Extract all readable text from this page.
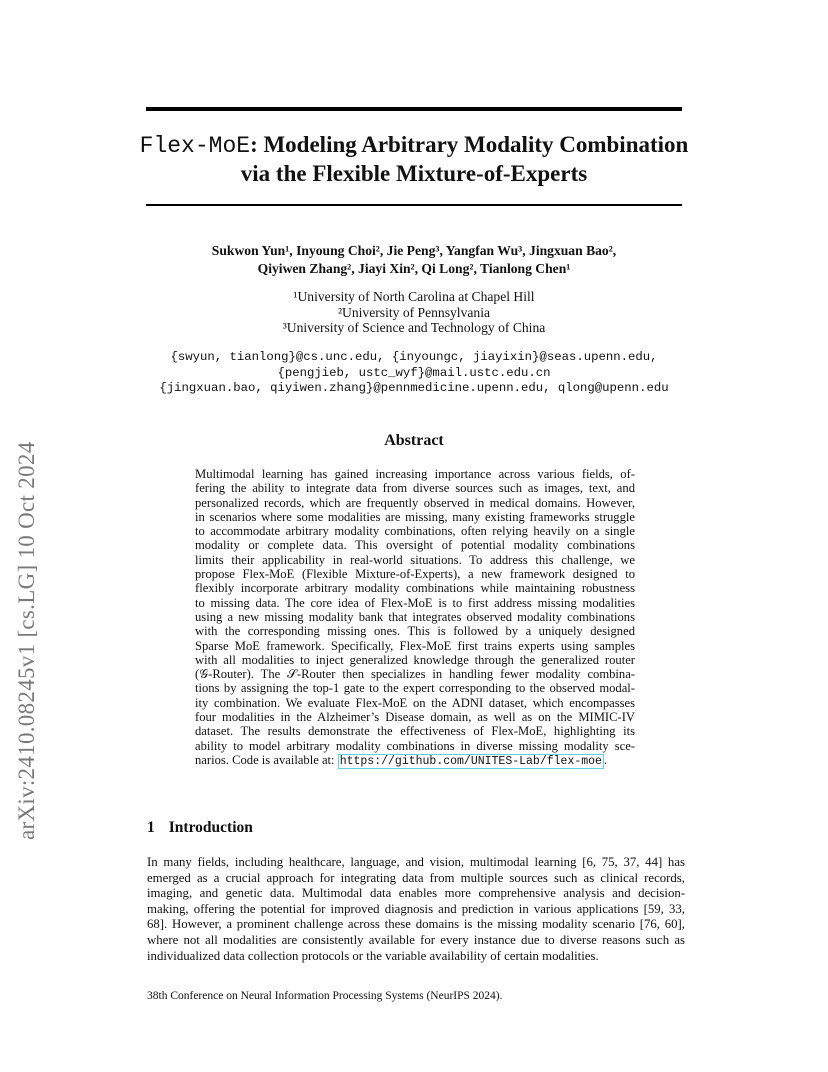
arXiv:2410.08245v1 [cs.LG] 10 Oct 2024
Flex-MoE: Modeling Arbitrary Modality Combination
via the Flexible Mixture-of-Experts
Sukwon Yun¹, Inyoung Choi², Jie Peng³, Yangfan Wu³, Jingxuan Bao²,
Qiyiwen Zhang², Jiayi Xin², Qi Long², Tianlong Chen¹
¹University of North Carolina at Chapel Hill
²University of Pennsylvania
³University of Science and Technology of China
{swyun, tianlong}@cs.unc.edu, {inyoungc, jiayixin}@seas.upenn.edu,
{pengjieb, ustc_wyf}@mail.ustc.edu.cn
{jingxuan.bao, qiyiwen.zhang}@pennmedicine.upenn.edu, qlong@upenn.edu
Abstract
Multimodal learning has gained increasing importance across various fields, of-
fering the ability to integrate data from diverse sources such as images, text, and
personalized records, which are frequently observed in medical domains. However,
in scenarios where some modalities are missing, many existing frameworks struggle
to accommodate arbitrary modality combinations, often relying heavily on a single
modality or complete data. This oversight of potential modality combinations
limits their applicability in real-world situations. To address this challenge, we
propose Flex-MoE (Flexible Mixture-of-Experts), a new framework designed to
flexibly incorporate arbitrary modality combinations while maintaining robustness
to missing data. The core idea of Flex-MoE is to first address missing modalities
using a new missing modality bank that integrates observed modality combinations
with the corresponding missing ones. This is followed by a uniquely designed
Sparse MoE framework. Specifically, Flex-MoE first trains experts using samples
with all modalities to inject generalized knowledge through the generalized router
(𝒢-Router). The 𝒮-Router then specializes in handling fewer modality combina-
tions by assigning the top-1 gate to the expert corresponding to the observed modal-
ity combination. We evaluate Flex-MoE on the ADNI dataset, which encompasses
four modalities in the Alzheimer’s Disease domain, as well as on the MIMIC-IV
dataset. The results demonstrate the effectiveness of Flex-MoE, highlighting its
ability to model arbitrary modality combinations in diverse missing modality sce-
narios. Code is available at: https://github.com/UNITES-Lab/flex-moe .
1 Introduction
In many fields, including healthcare, language, and vision, multimodal learning [6, 75, 37, 44] has
emerged as a crucial approach for integrating data from multiple sources such as clinical records,
imaging, and genetic data. Multimodal data enables more comprehensive analysis and decision-
making, offering the potential for improved diagnosis and prediction in various applications [59, 33,
68]. However, a prominent challenge across these domains is the missing modality scenario [76, 60],
where not all modalities are consistently available for every instance due to diverse reasons such as
individualized data collection protocols or the variable availability of certain modalities.
38th Conference on Neural Information Processing Systems (NeurIPS 2024).
